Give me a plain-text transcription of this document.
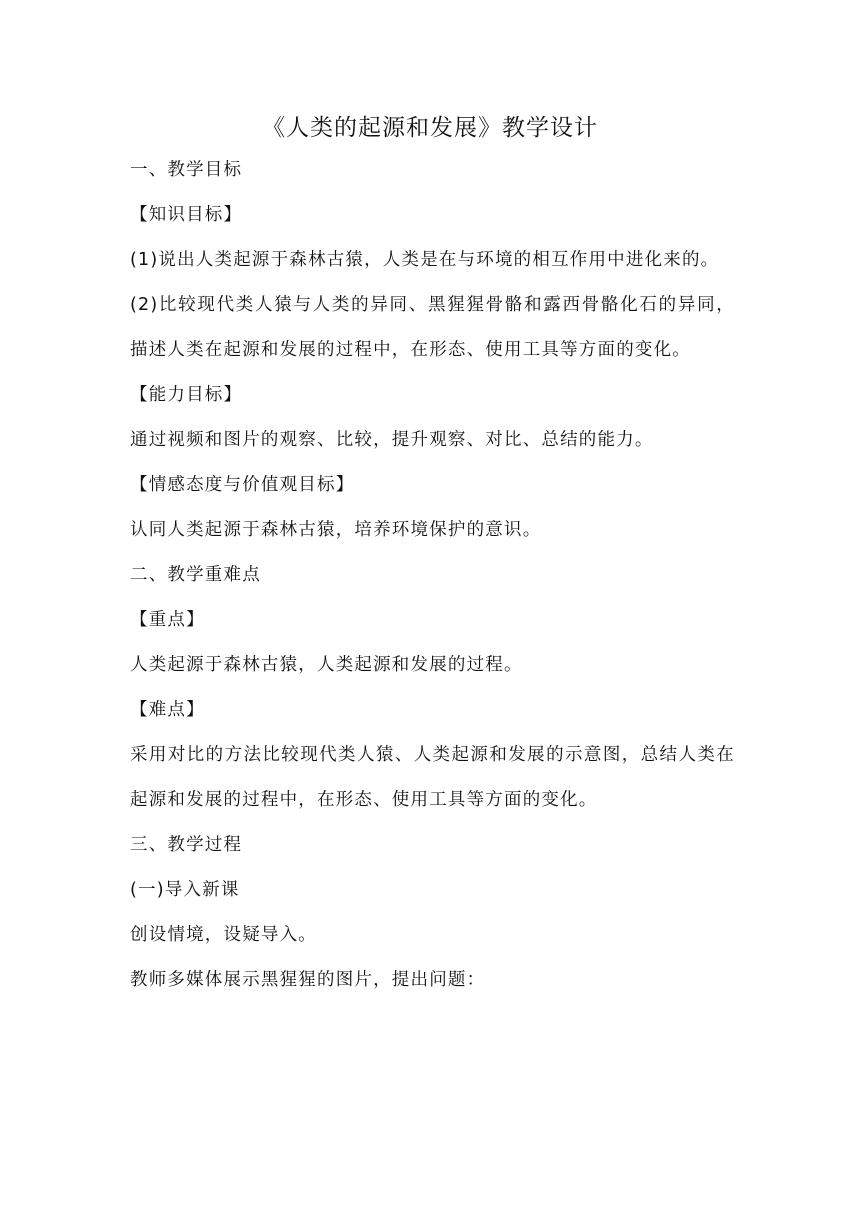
《人类的起源和发展》教学设计
一、教学目标
【知识目标】
(1)说出人类起源于森林古猿，人类是在与环境的相互作用中进化来的。
(2)比较现代类人猿与人类的异同、黑猩猩骨骼和露西骨骼化石的异同，描述人类在起源和发展的过程中，在形态、使用工具等方面的变化。
【能力目标】
通过视频和图片的观察、比较，提升观察、对比、总结的能力。
【情感态度与价值观目标】
认同人类起源于森林古猿，培养环境保护的意识。
二、教学重难点
【重点】
人类起源于森林古猿，人类起源和发展的过程。
【难点】
采用对比的方法比较现代类人猿、人类起源和发展的示意图，总结人类在起源和发展的过程中，在形态、使用工具等方面的变化。
三、教学过程
(一)导入新课
创设情境，设疑导入。
教师多媒体展示黑猩猩的图片，提出问题：
